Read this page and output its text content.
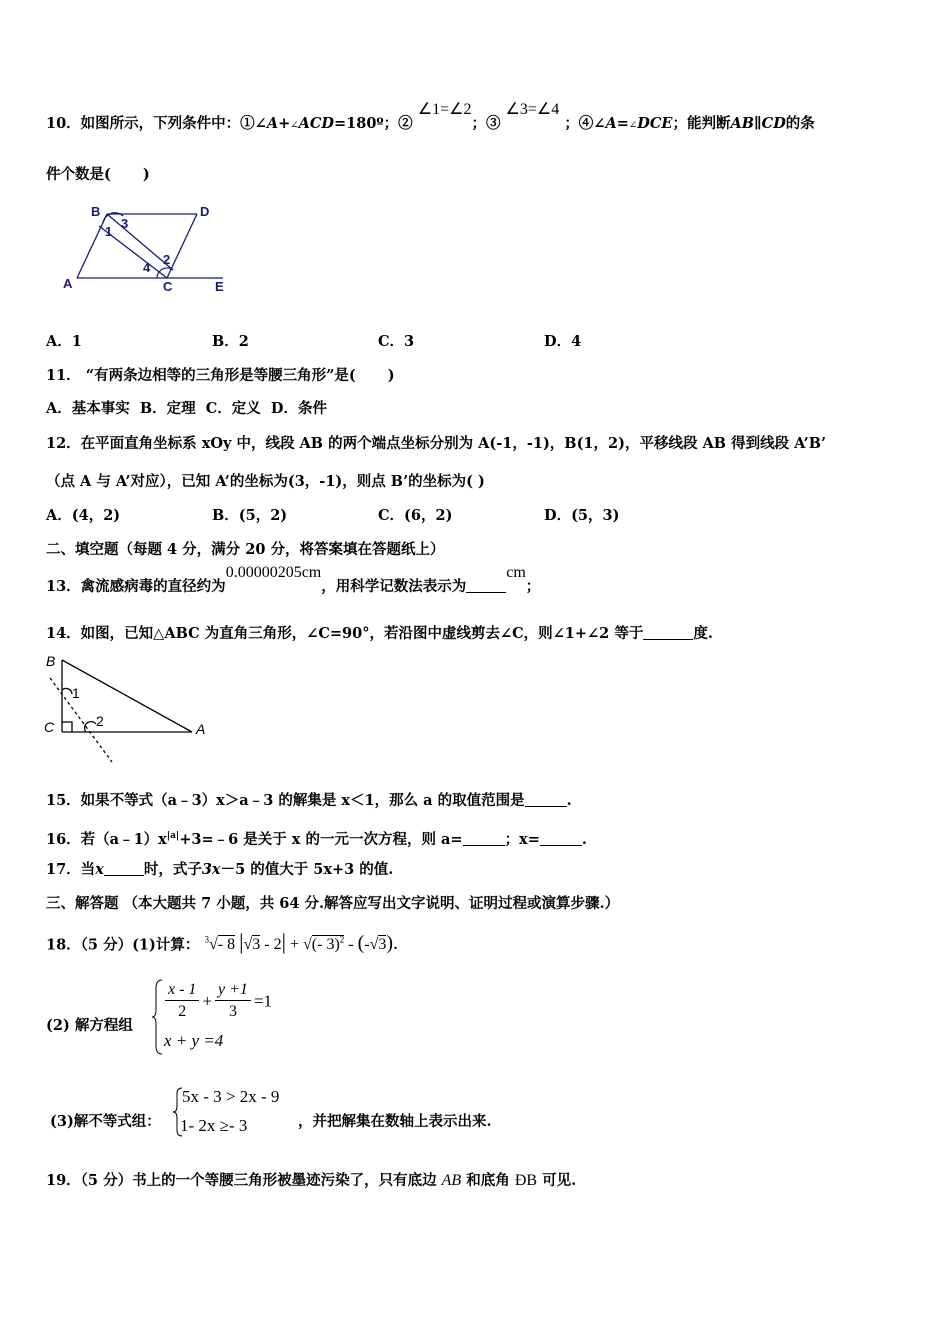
10．如图所示，下列条件中：①∠A+∠ACD=180º；② ∠1=∠2；③ ∠3=∠4 ；④∠A=∠DCE；能判断AB∥CD的条
件个数是( )
B	D
1
3
2
4
A	C	E
A．1	B．2	C．3	D．4
11． “有两条边相等的三角形是等腰三角形”是( )
A．基本事实 B．定理 C．定义 D．条件
12．在平面直角坐标系 xOy 中，线段 AB 的两个端点坐标分别为 A(-1，-1)，B(1，2)，平移线段 AB 得到线段 A’B’
（点 A 与 A’对应），已知 A’的坐标为(3，-1)，则点 B’的坐标为( )
A．(4，2)	B．(5，2)	C．(6，2)	D．(5，3)
二、填空题（每题 4 分，满分 20 分，将答案填在答题纸上）
13．禽流感病毒的直径约为0.00000205cm，用科学记数法表示为cm；
14．如图，已知△ABC 为直角三角形，∠C=90°，若沿图中虚线剪去∠C，则∠1+∠2 等于	度.
B
1
C	2	A
15．如果不等式（a﹣3）x＞a﹣3 的解集是 x＜1，那么 a 的取值范围是	.
16．若$(a﹣1)x^{|a|}+3=﹣6$ 是关于 x 的一元一次方程，则 a=	；x=	.
17．当x	时，式子3x－5 的值大于 5x+3 的值.
三、解答题 （本大题共 7 小题，共 64 分.解答应写出文字说明、证明过程或演算步骤.）
18．（5 分）(1)计算： $^3$√- 8 |√3 - 2| + √(- 3)$^2$ - (-√3).
(2) 解方程组
$\frac{x - 1}{2} + \frac{y +1}{3} =1$
x + y =4
5x - 3 > 2x - 9
1- 2x ≥- 3
(3)解不等式组：	，并把解集在数轴上表示出来.
19．（5 分）书上的一个等腰三角形被墨迹污染了，只有底边 AB 和底角 ÐB 可见.
